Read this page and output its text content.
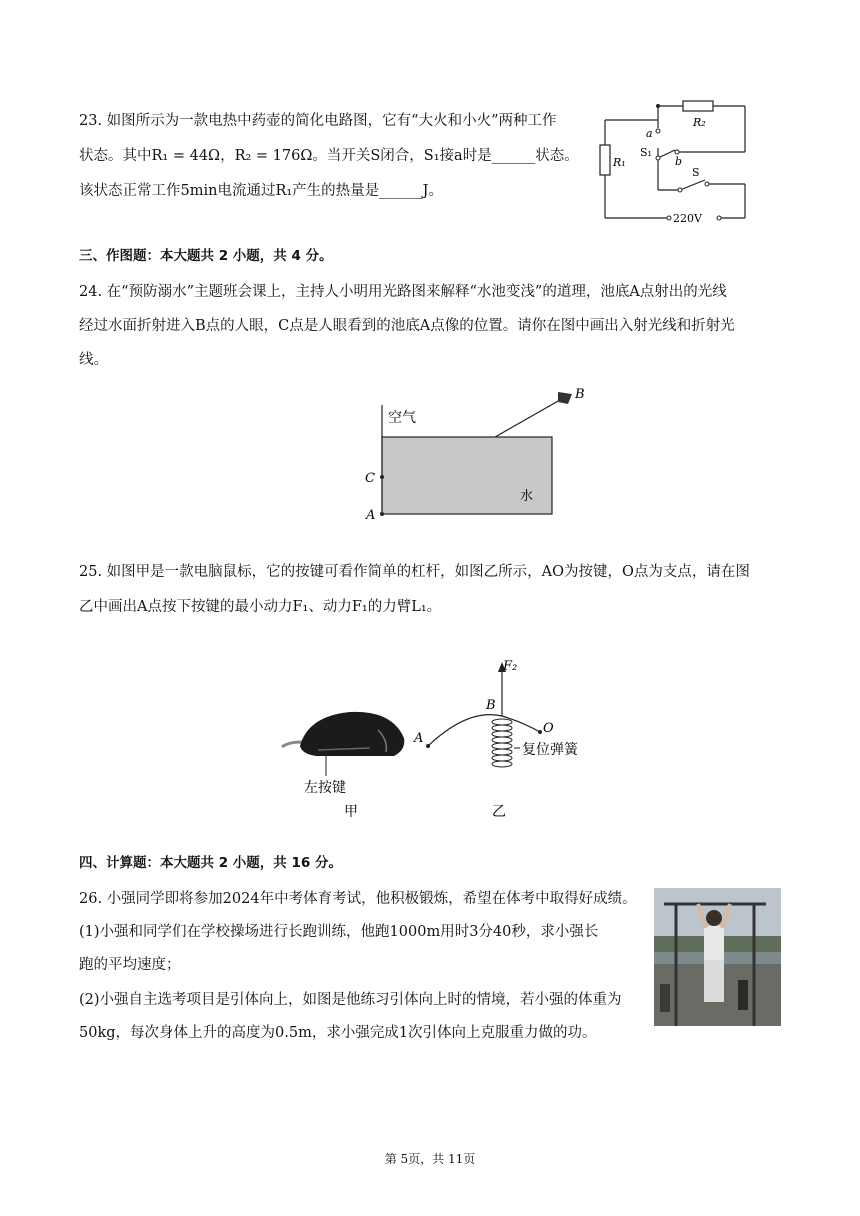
23. 如图所示为一款电热中药壶的简化电路图，它有“大火和小火”两种工作
状态。其中R₁ = 44Ω，R₂ = 176Ω。当开关S闭合，S₁接a时是______状态。
该状态正常工作5min电流通过R₁产生的热量是______J。
R₁
R₂
a
b
S₁
S
220V
三、作图题：本大题共 2 小题，共 4 分。
24. 在“预防溺水”主题班会课上，主持人小明用光路图来解释“水池变浅”的道理，池底A点射出的光线
经过水面折射进入B点的人眼，C点是人眼看到的池底A点像的位置。请你在图中画出入射光线和折射光
线。
空气
水
B
C
A
25. 如图甲是一款电脑鼠标，它的按键可看作简单的杠杆，如图乙所示，AO为按键，O点为支点，请在图
乙中画出A点按下按键的最小动力F₁、动力F₁的力臂L₁。
左按键
甲
F₂
B
A
O
复位弹簧
乙
四、计算题：本大题共 2 小题，共 16 分。
26. 小强同学即将参加2024年中考体育考试，他积极锻炼，希望在体考中取得好成绩。
(1)小强和同学们在学校操场进行长跑训练，他跑1000m用时3分40秒，求小强长
跑的平均速度；
(2)小强自主选考项目是引体向上，如图是他练习引体向上时的情境，若小强的体重为
50kg，每次身体上升的高度为0.5m，求小强完成1次引体向上克服重力做的功。
第 5页，共 11页
